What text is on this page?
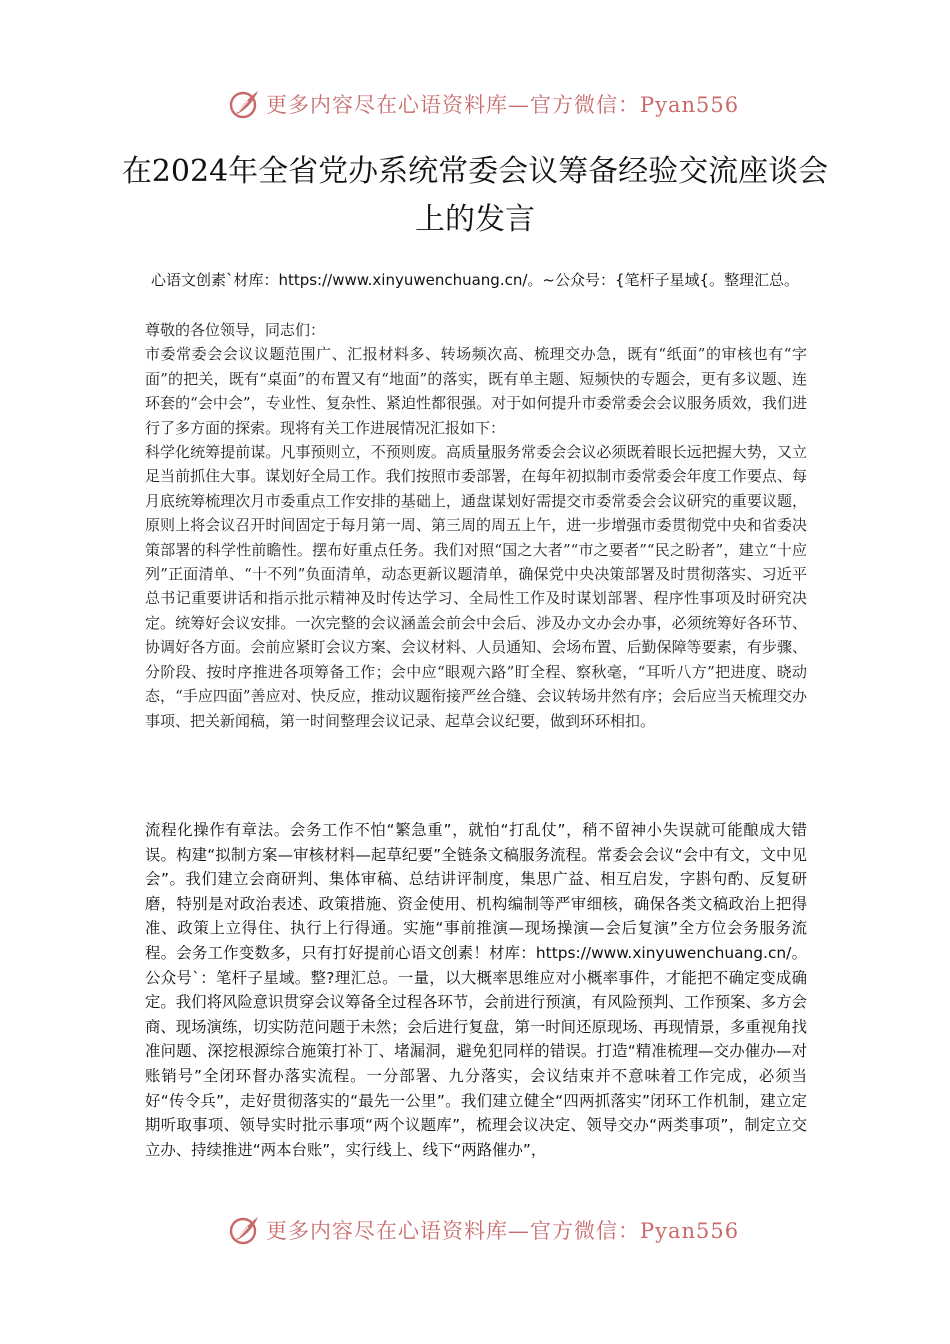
更多内容尽在心语资料库—官方微信：Pyan556
在2024年全省党办系统常委会议筹备经验交流座谈会上的发言
心语文创素`材库：https://www.xinyuwenchuang.cn/。~公众号：{笔杆子星域{。整理汇总。

尊敬的各位领导，同志们：

市委常委会会议议题范围广、汇报材料多、转场频次高、梳理交办急，既有“纸面”的审核也有“字面”的把关，既有“桌面”的布置又有“地面”的落实，既有单主题、短频快的专题会，更有多议题、连环套的“会中会”，专业性、复杂性、紧迫性都很强。对于如何提升市委常委会会议服务质效，我们进行了多方面的探索。现将有关工作进展情况汇报如下：

科学化统筹提前谋。凡事预则立，不预则废。高质量服务常委会会议必须既着眼长远把握大势，又立足当前抓住大事。谋划好全局工作。我们按照市委部署，在每年初拟制市委常委会年度工作要点、每月底统筹梳理次月市委重点工作安排的基础上，通盘谋划好需提交市委常委会会议研究的重要议题，原则上将会议召开时间固定于每月第一周、第三周的周五上午，进一步增强市委贯彻党中央和省委决策部署的科学性前瞻性。摆布好重点任务。我们对照“国之大者”“市之要者”“民之盼者”，建立“十应列”正面清单、“十不列”负面清单，动态更新议题清单，确保党中央决策部署及时贯彻落实、习近平总书记重要讲话和指示批示精神及时传达学习、全局性工作及时谋划部署、程序性事项及时研究决定。统筹好会议安排。一次完整的会议涵盖会前会中会后、涉及办文办会办事，必须统筹好各环节、协调好各方面。会前应紧盯会议方案、会议材料、人员通知、会场布置、后勤保障等要素，有步骤、分阶段、按时序推进各项筹备工作；会中应“眼观六路”盯全程、察秋毫，“耳听八方”把进度、晓动态，“手应四面”善应对、快反应，推动议题衔接严丝合缝、会议转场井然有序；会后应当天梳理交办事项、把关新闻稿，第一时间整理会议记录、起草会议纪要，做到环环相扣。

流程化操作有章法。会务工作不怕“繁急重”，就怕“打乱仗”，稍不留神小失误就可能酿成大错误。构建“拟制方案—审核材料—起草纪要”全链条文稿服务流程。常委会会议“会中有文，文中见会”。我们建立会商研判、集体审稿、总结讲评制度，集思广益、相互启发，字斟句酌、反复研磨，特别是对政治表述、政策措施、资金使用、机构编制等严审细核，确保各类文稿政治上把得准、政策上立得住、执行上行得通。实施“事前推演—现场操演—会后复演”全方位会务服务流程。会务工作变数多，只有打好提前心语文创素！材库：https://www.xinyuwenchuang.cn/。公众号`：笔杆子星域。整?理汇总。一量，以大概率思维应对小概率事件，才能把不确定变成确定。我们将风险意识贯穿会议筹备全过程各环节，会前进行预演，有风险预判、工作预案、多方会商、现场演练，切实防范问题于未然；会后进行复盘，第一时间还原现场、再现情景，多重视角找准问题、深挖根源综合施策打补丁、堵漏洞，避免犯同样的错误。打造“精准梳理—交办催办—对账销号”全闭环督办落实流程。一分部署、九分落实，会议结束并不意味着工作完成，必须当好“传令兵”，走好贯彻落实的“最先一公里”。我们建立健全“四两抓落实”闭环工作机制，建立定期听取事项、领导实时批示事项“两个议题库”，梳理会议决定、领导交办“两类事项”，制定立交立办、持续推进“两本台账”，实行线上、线下“两路催办”，

更多内容尽在心语资料库—官方微信：Pyan556
